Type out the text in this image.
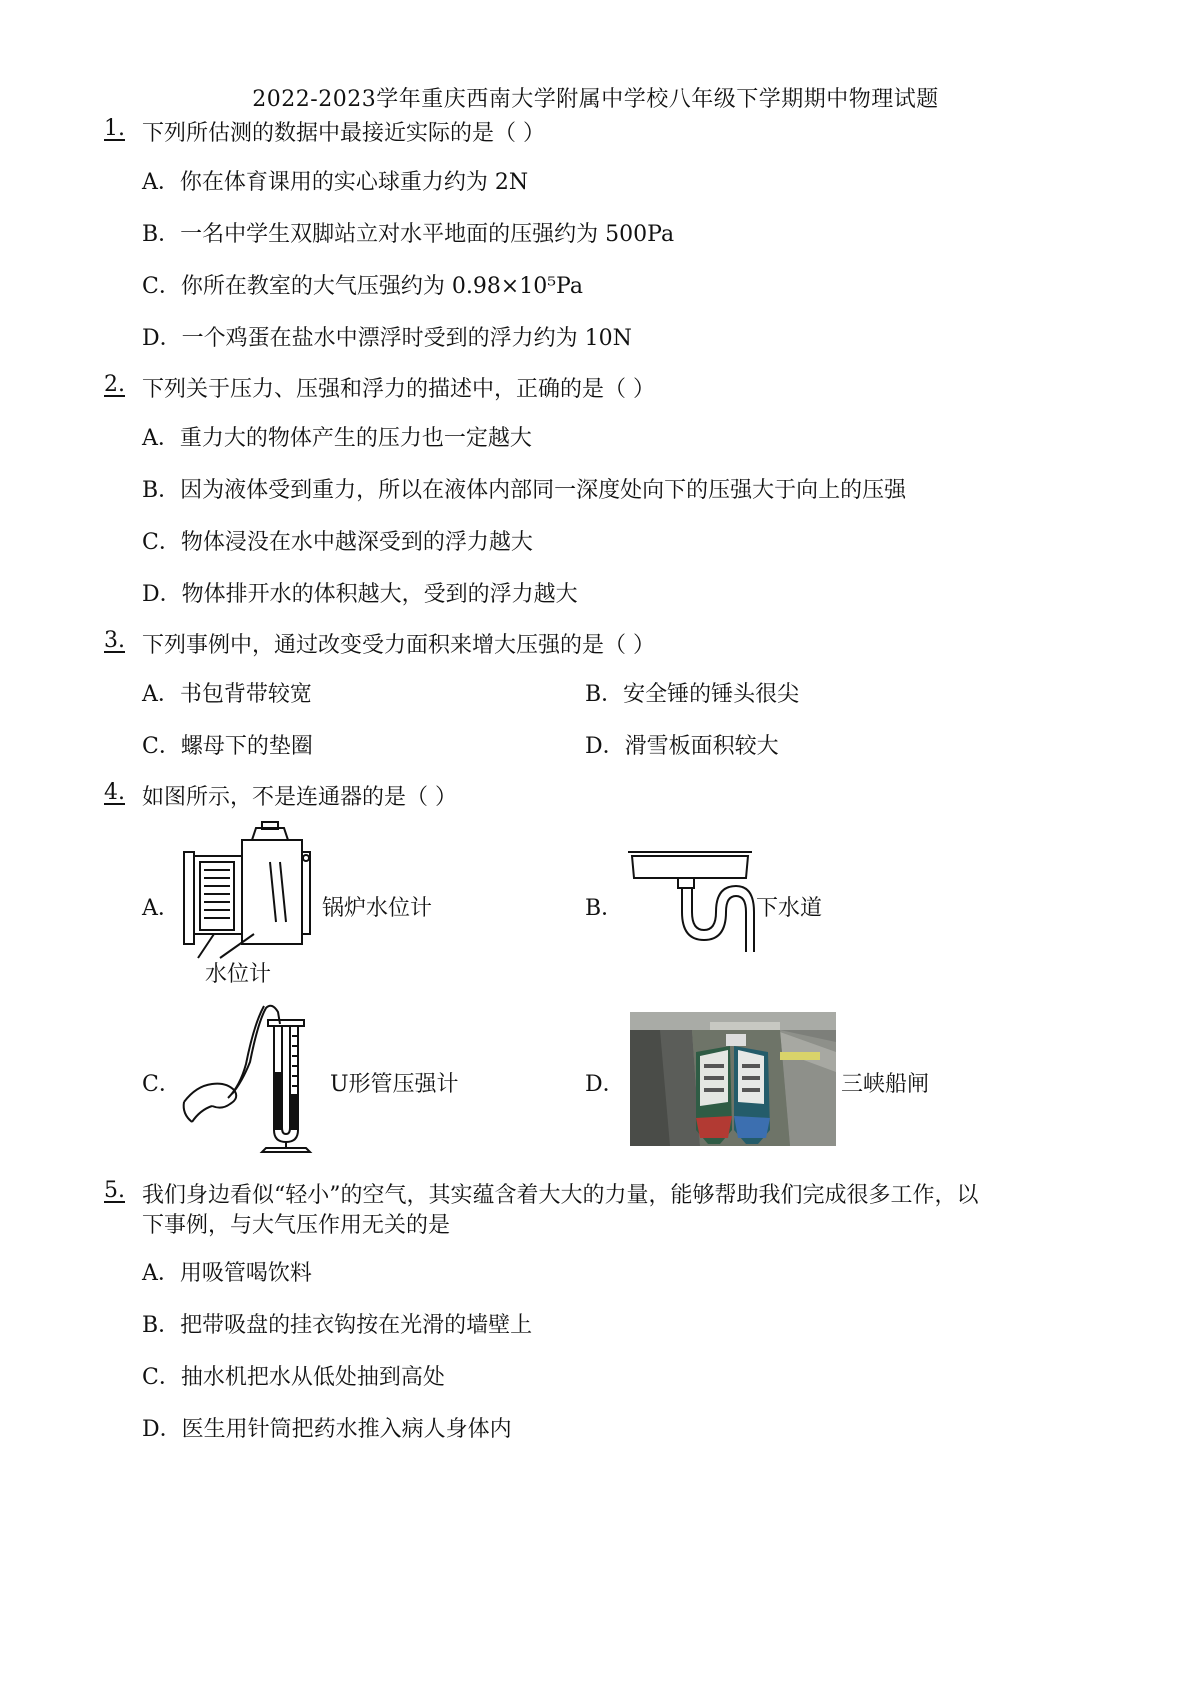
2022-2023学年重庆西南大学附属中学校八年级下学期期中物理试题
1. 下列所估测的数据中最接近实际的是（ ）
A．你在体育课用的实心球重力约为 2N
B．一名中学生双脚站立对水平地面的压强约为 500Pa
C．你所在教室的大气压强约为 0.98×10⁵Pa
D．一个鸡蛋在盐水中漂浮时受到的浮力约为 10N
2. 下列关于压力、压强和浮力的描述中，正确的是（ ）
A．重力大的物体产生的压力也一定越大
B．因为液体受到重力，所以在液体内部同一深度处向下的压强大于向上的压强
C．物体浸没在水中越深受到的浮力越大
D．物体排开水的体积越大，受到的浮力越大
3. 下列事例中，通过改变受力面积来增大压强的是（ ）
A．书包背带较宽	B．安全锤的锤头很尖
C．螺母下的垫圈	D．滑雪板面积较大
4. 如图所示，不是连通器的是（ ）
A．	锅炉水位计
水位计
B．	下水道
C．	U形管压强计	D．	三峡船闸
5. 我们身边看似“轻小”的空气，其实蕴含着大大的力量，能够帮助我们完成很多工作，以
下事例，与大气压作用无关的是
A．用吸管喝饮料
B．把带吸盘的挂衣钩按在光滑的墙壁上
C．抽水机把水从低处抽到高处
D．医生用针筒把药水推入病人身体内
